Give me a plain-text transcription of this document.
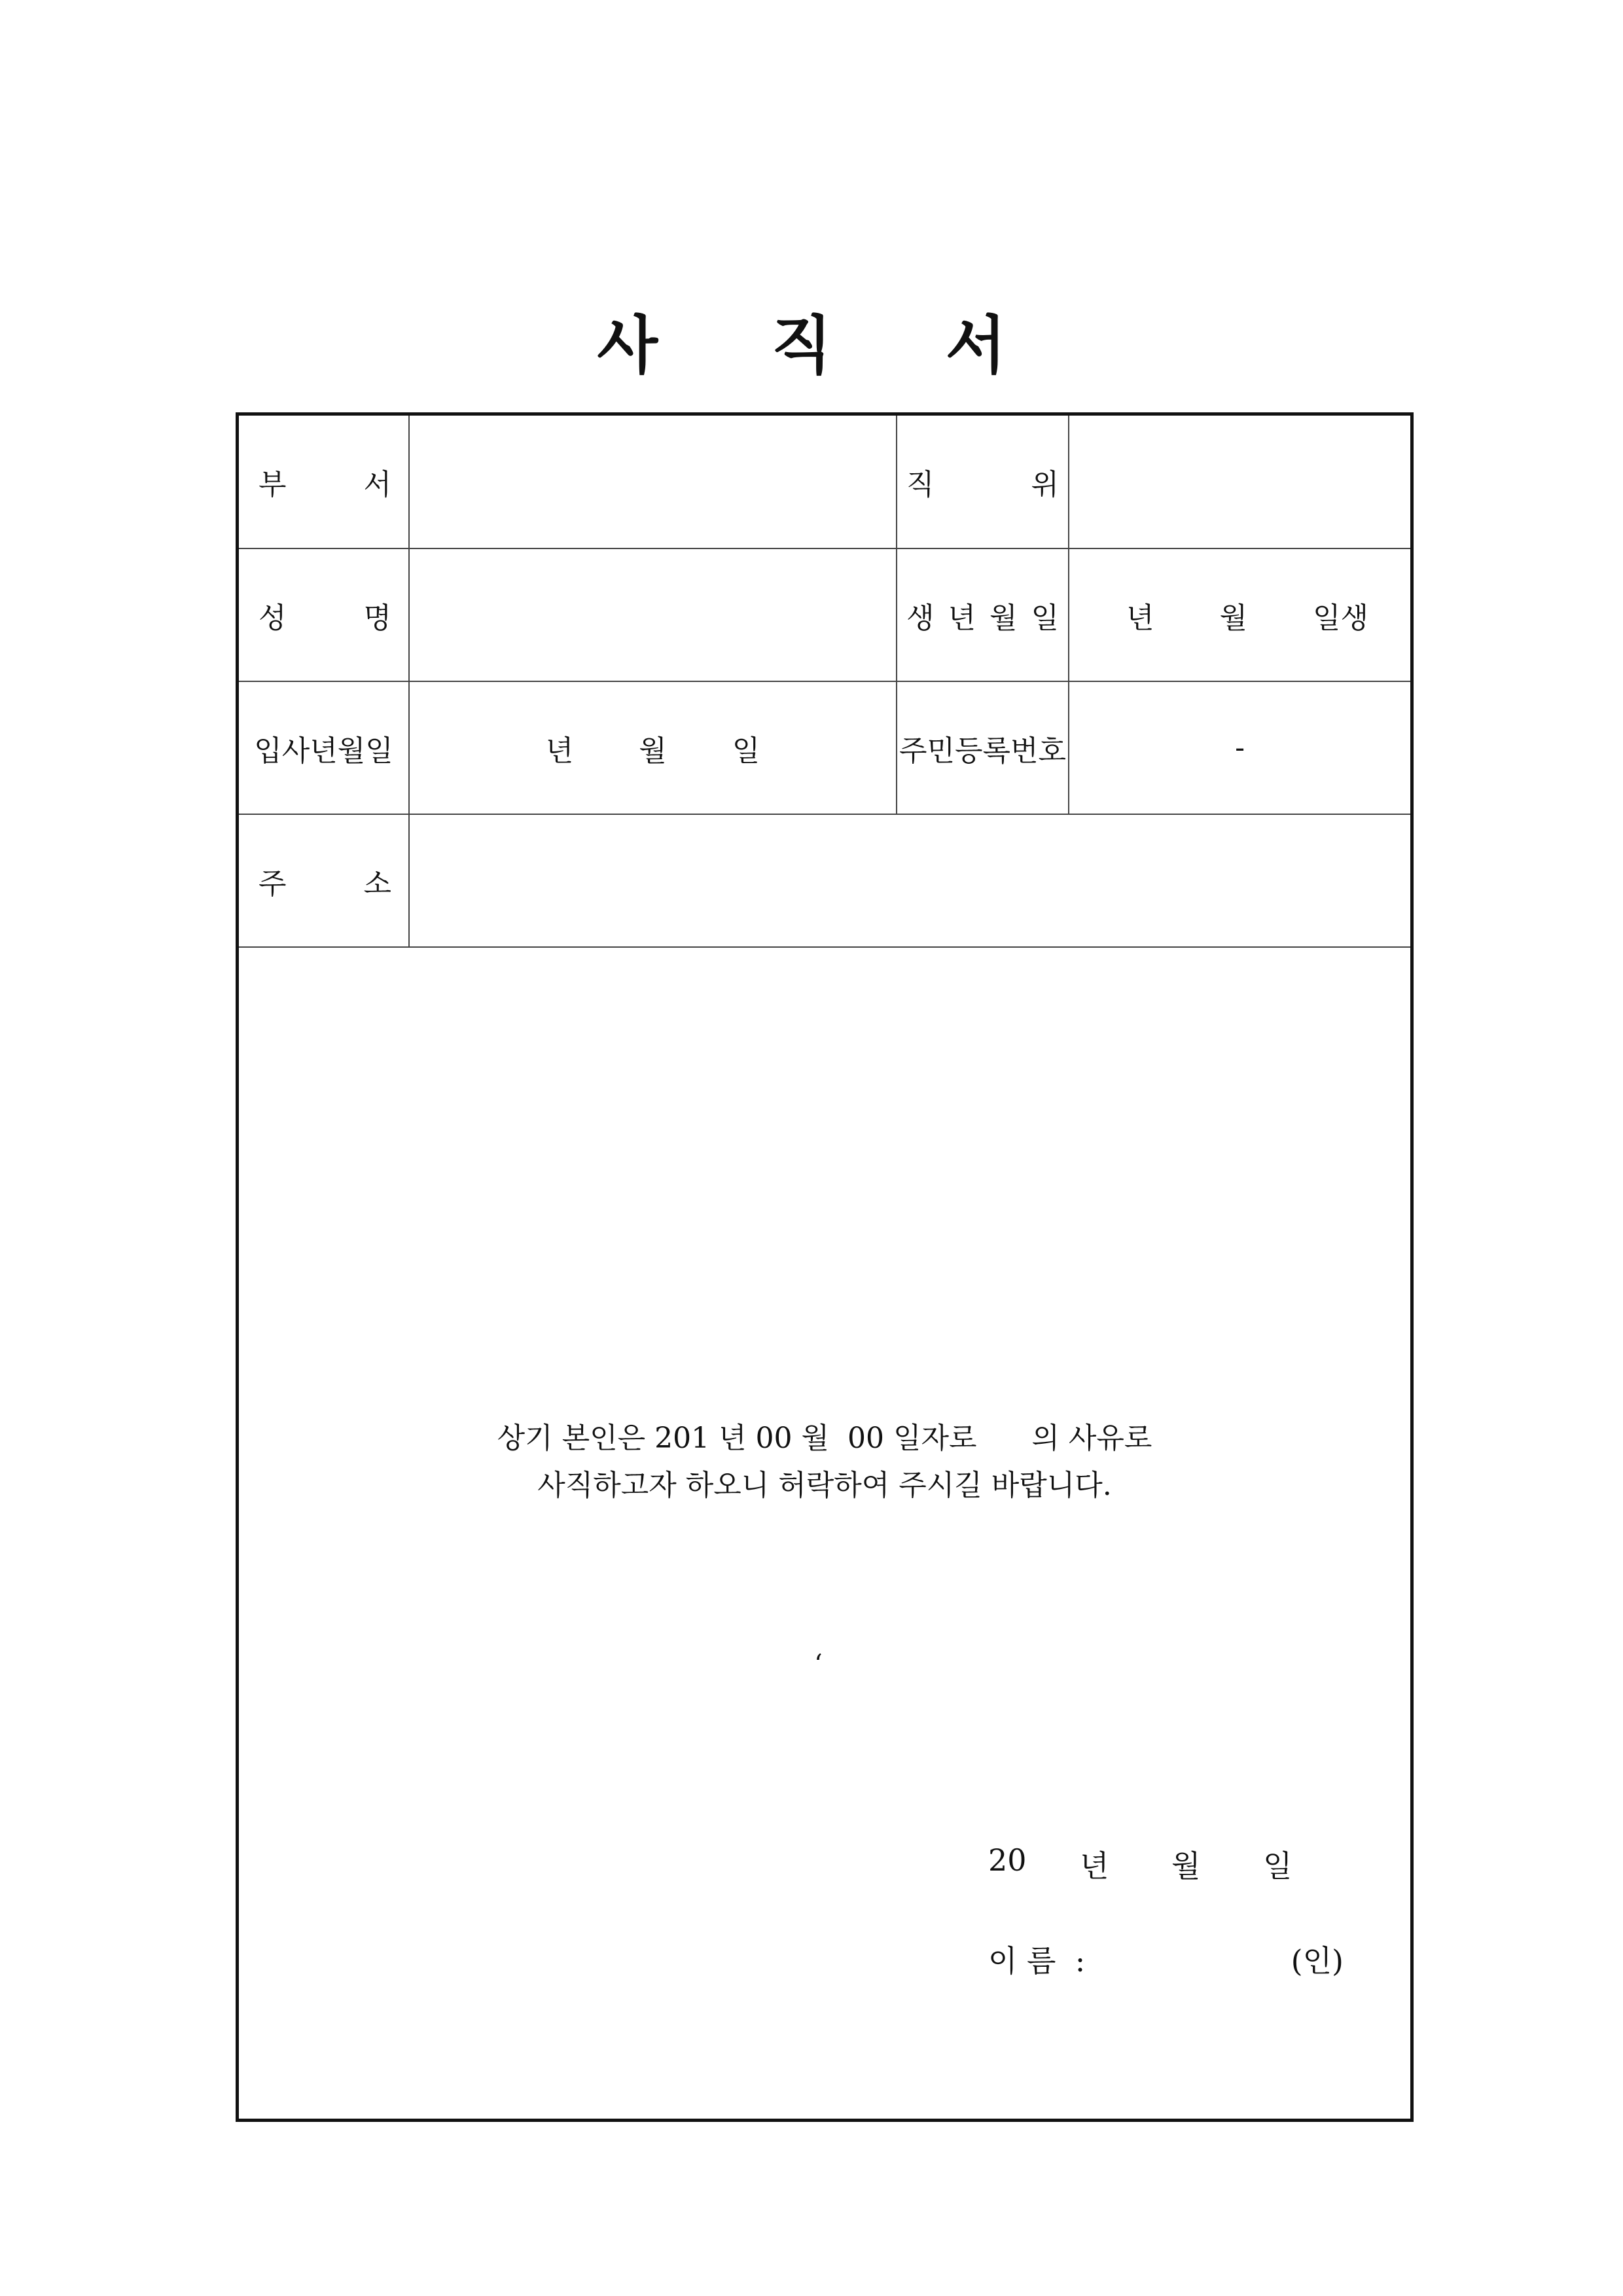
사 직 서
부 서		직 위	

성 명		생 년 월 일	년 월 일생

입사년월일	년 월 일	주민등록번호	-

주 소			

상기 본인은 201 년 00 월  00 일자로      의 사유로
사직하고자 하오니 허락하여 주시길 바랍니다.
‘
20	년	월	일
이 름  :	(인)
